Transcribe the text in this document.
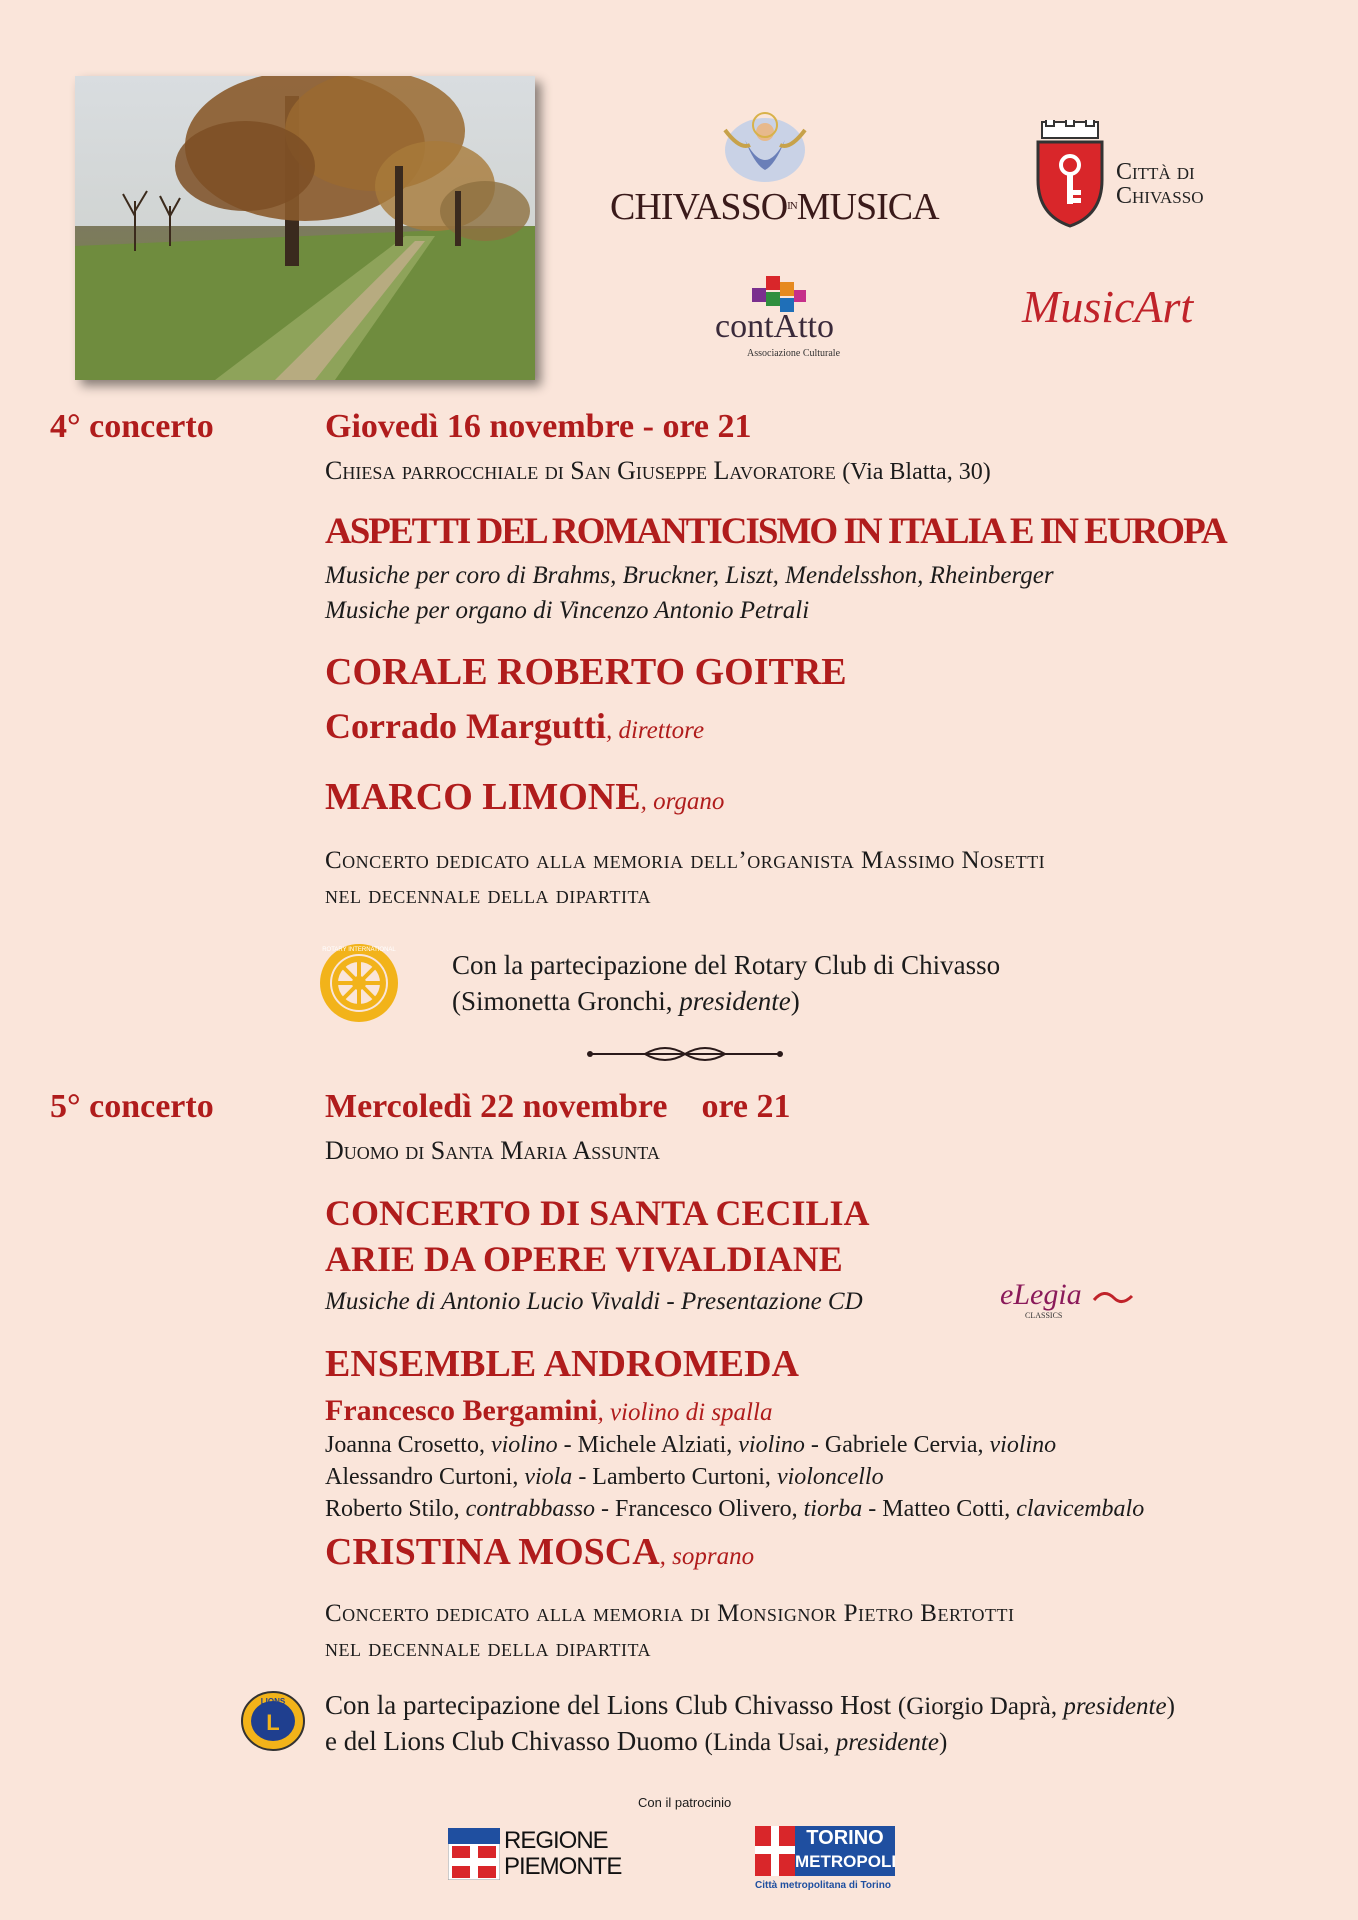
$CHIVASSO^{IN}MUSICA$
Città di
Chivasso
contAtto
Associazione Culturale
MusicArt
4° concerto	Giovedì 16 novembre - ore 21
Chiesa parrocchiale di San Giuseppe Lavoratore (Via Blatta, 30)
ASPETTI DEL ROMANTICISMO IN ITALIA E IN EUROPA
Musiche per coro di Brahms, Bruckner, Liszt, Mendelsshon, Rheinberger
Musiche per organo di Vincenzo Antonio Petrali
CORALE ROBERTO GOITRE
Corrado Margutti, direttore
MARCO LIMONE, organo
Concerto dedicato alla memoria dell’organista Massimo Nosetti
nel decennale della dipartita
ROTARY INTERNATIONAL Con la partecipazione del Rotary Club di Chivasso
(Simonetta Gronchi, presidente)
5° concerto	Mercoledì 22 novembre    ore 21
Duomo di Santa Maria Assunta
CONCERTO DI SANTA CECILIA
ARIE DA OPERE VIVALDIANE
Musiche di Antonio Lucio Vivaldi - Presentazione CD	eLegia
CLASSICS
ENSEMBLE ANDROMEDA
Francesco Bergamini, violino di spalla
Joanna Crosetto, violino - Michele Alziati, violino - Gabriele Cervia, violino
Alessandro Curtoni, viola - Lamberto Curtoni, violoncello
Roberto Stilo, contrabbasso - Francesco Olivero, tiorba - Matteo Cotti, clavicembalo
CRISTINA MOSCA, soprano
Concerto dedicato alla memoria di Monsignor Pietro Bertotti
nel decennale della dipartita
LIONS
L
Con la partecipazione del Lions Club Chivasso Host (Giorgio Daprà, presidente)
e del Lions Club Chivasso Duomo (Linda Usai, presidente)
Con il patrocinio
REGIONE
PIEMONTE
TORINO
METROPOLI
Città metropolitana di Torino
